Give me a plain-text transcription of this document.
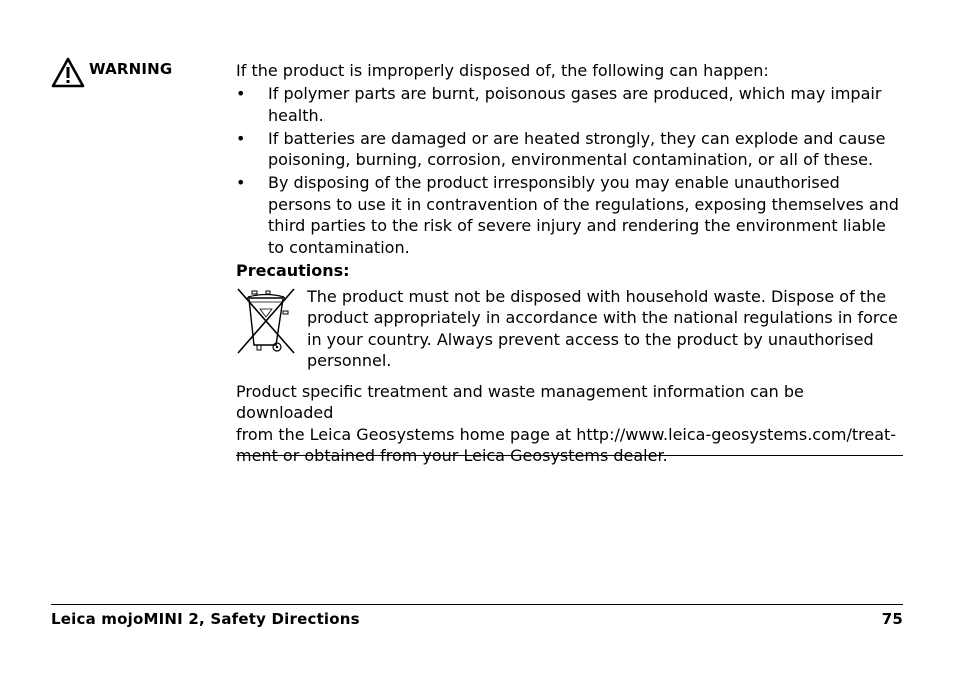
WARNING	If the product is improperly disposed of, the following can happen:

• If polymer parts are burnt, poisonous gases are produced, which may impair health.
• If batteries are damaged or are heated strongly, they can explode and cause poisoning, burning, corrosion, environmental contamination, or all of these.
• By disposing of the product irresponsibly you may enable unauthorised persons to use it in contravention of the regulations, exposing themselves and third parties to the risk of severe injury and rendering the environment liable to contamination.
Precautions:

The product must not be disposed with household waste. Dispose of the product appropriately in accordance with the national regulations in force in your country. Always prevent access to the product by unauthorised personnel.

Product specific treatment and waste management information can be downloaded
from the Leica Geosystems home page at http://www.leica-geosystems.com/treat-
ment or obtained from your Leica Geosystems dealer.

Leica mojoMINI 2, Safety Directions	75
